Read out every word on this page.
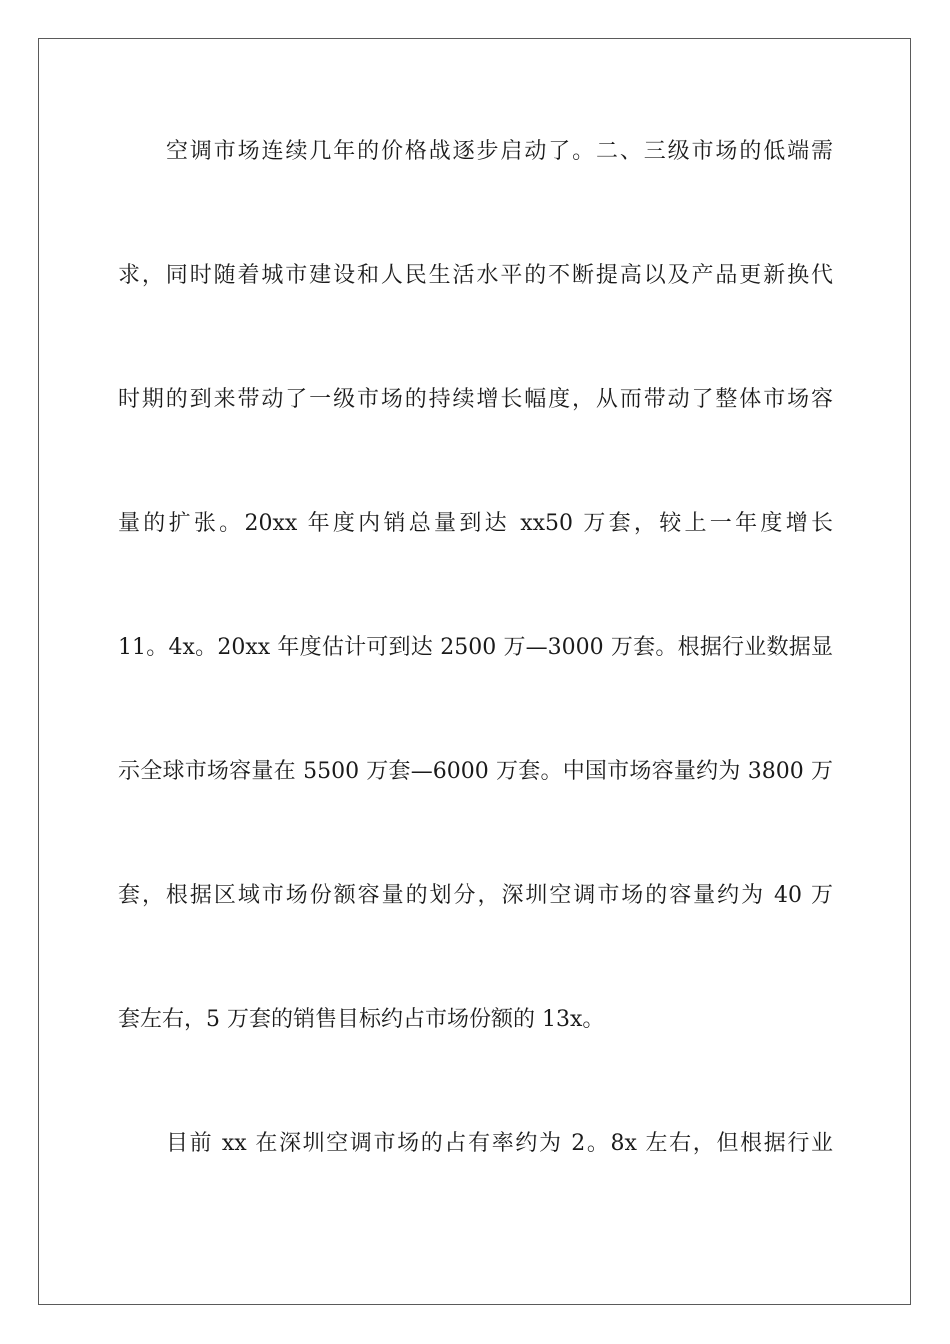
空调市场连续几年的价格战逐步启动了。二、三级市场的低端需
求，同时随着城市建设和人民生活水平的不断提高以及产品更新换代
时期的到来带动了一级市场的持续增长幅度，从而带动了整体市场容
量的扩张。20xx 年度内销总量到达 xx50 万套，较上一年度增长
11。4x。20xx 年度估计可到达 2500 万—3000 万套。根据行业数据显
示全球市场容量在 5500 万套—6000 万套。中国市场容量约为 3800 万
套，根据区域市场份额容量的划分，深圳空调市场的容量约为 40 万
套左右，5 万套的销售目标约占市场份额的 13x。
目前 xx 在深圳空调市场的占有率约为 2。8x 左右，但根据行业
